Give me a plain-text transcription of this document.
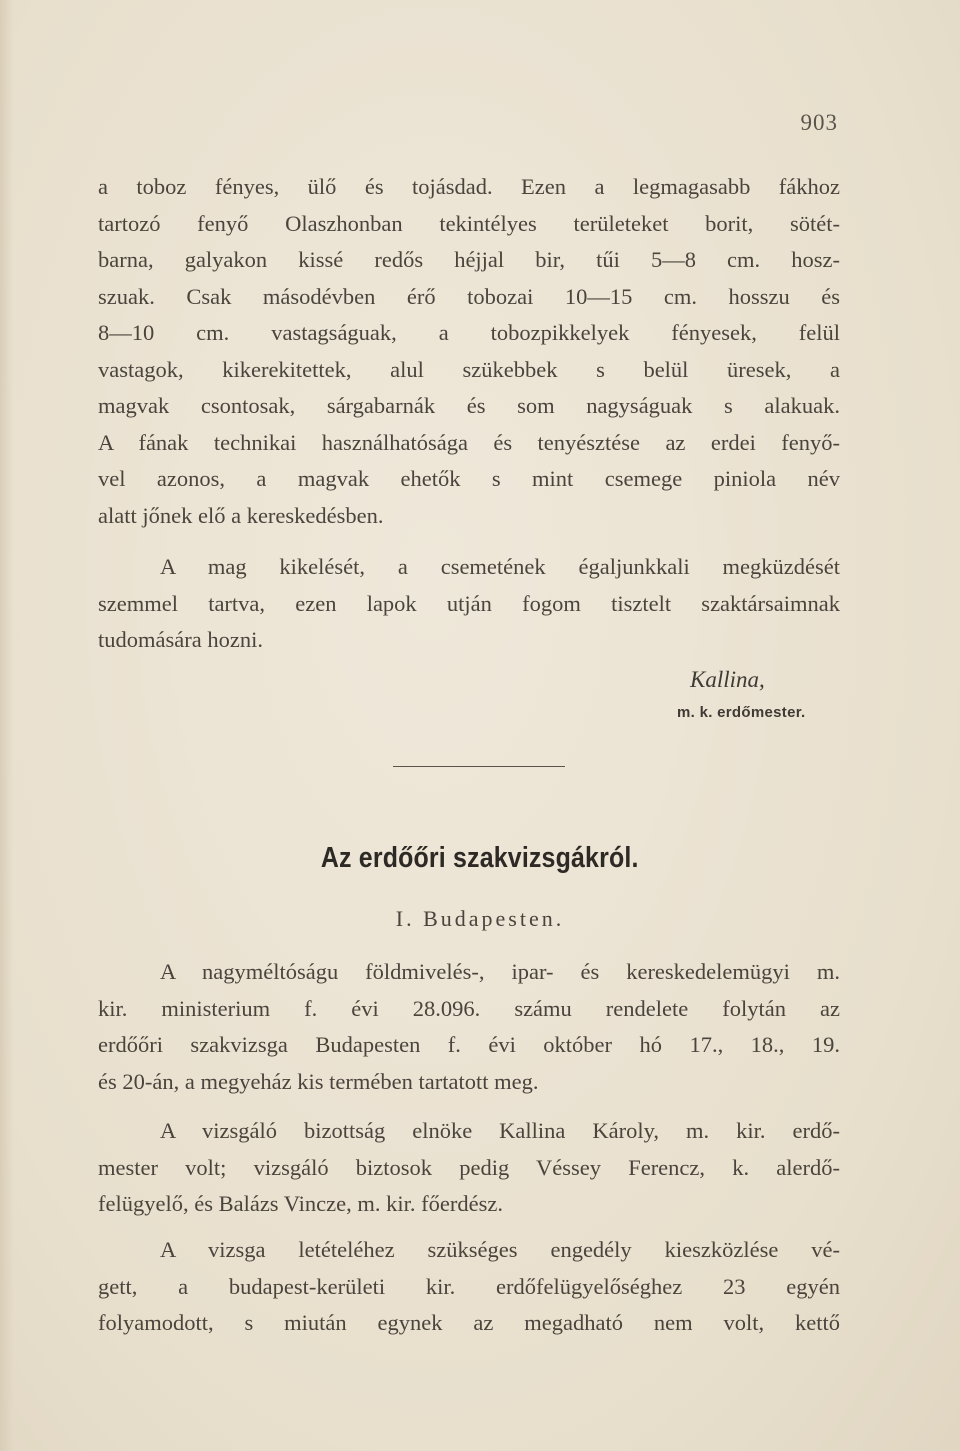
903
a toboz fényes, ülő és tojásdad. Ezen a legmagasabb fákhoz
tartozó fenyő Olaszhonban tekintélyes területeket borit, sötét-
barna, galyakon kissé redős héjjal bir, tűi 5—8 cm. hosz-
szuak. Csak másodévben érő tobozai 10—15 cm. hosszu és
8—10 cm. vastagságuak, a tobozpikkelyek fényesek, felül
vastagok, kikerekitettek, alul szükebbek s belül üresek, a
magvak csontosak, sárgabarnák és som nagyságuak s alakuak.
A fának technikai használhatósága és tenyésztése az erdei fenyő-
vel azonos, a magvak ehetők s mint csemege piniola név
alatt jőnek elő a kereskedésben.
A mag kikelését, a csemetének égaljunkkali megküzdését
szemmel tartva, ezen lapok utján fogom tisztelt szaktársaimnak
tudomására hozni.
Kallina,
m. k. erdőmester.
Az erdőőri szakvizsgákról.
I. Budapesten.
A nagyméltóságu földmivelés-, ipar- és kereskedelemügyi m.
kir. ministerium f. évi 28.096. számu rendelete folytán az
erdőőri szakvizsga Budapesten f. évi október hó 17., 18., 19.
és 20-án, a megyeház kis termében tartatott meg.
A vizsgáló bizottság elnöke Kallina Károly, m. kir. erdő-
mester volt; vizsgáló biztosok pedig Véssey Ferencz, k. alerdő-
felügyelő, és Balázs Vincze, m. kir. főerdész.
A vizsga letételéhez szükséges engedély kieszközlése vé-
gett, a budapest-kerületi kir. erdőfelügyelőséghez 23 egyén
folyamodott, s miután egynek az megadható nem volt, kettő
